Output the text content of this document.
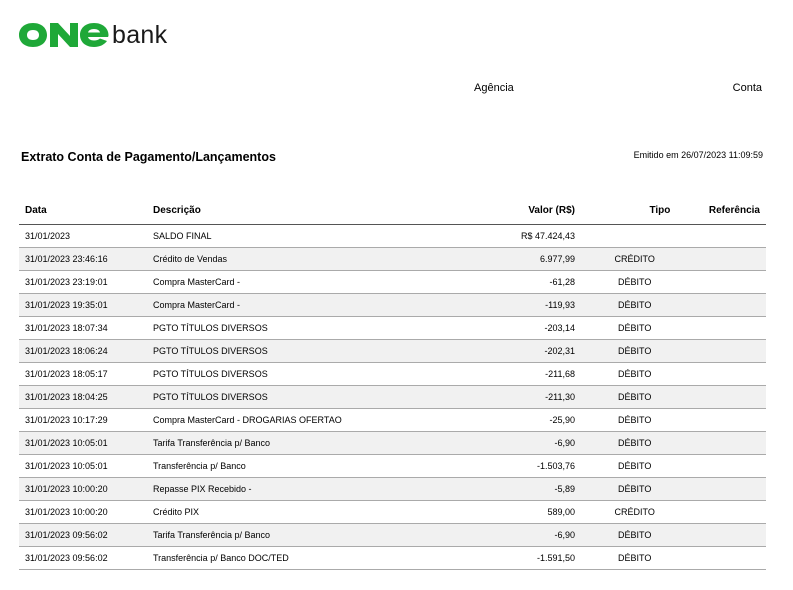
bank
Agência	Conta
Extrato Conta de Pagamento/Lançamentos	Emitido em 26/07/2023 11:09:59
Data	Descrição	Valor (R$)	Tipo	Referência
31/01/2023	SALDO FINAL	R$ 47.424,43		
31/01/2023 23:46:16	Crédito de Vendas	6.977,99	CRÉDITO	
31/01/2023 23:19:01	Compra MasterCard -	-61,28	DÉBITO	
31/01/2023 19:35:01	Compra MasterCard -	-119,93	DÉBITO	
31/01/2023 18:07:34	PGTO TÍTULOS DIVERSOS	-203,14	DÉBITO	
31/01/2023 18:06:24	PGTO TÍTULOS DIVERSOS	-202,31	DÉBITO	
31/01/2023 18:05:17	PGTO TÍTULOS DIVERSOS	-211,68	DÉBITO	
31/01/2023 18:04:25	PGTO TÍTULOS DIVERSOS	-211,30	DÉBITO	
31/01/2023 10:17:29	Compra MasterCard - DROGARIAS OFERTAO	-25,90	DÉBITO	
31/01/2023 10:05:01	Tarifa Transferência p/ Banco	-6,90	DÉBITO	
31/01/2023 10:05:01	Transferência p/ Banco	-1.503,76	DÉBITO	
31/01/2023 10:00:20	Repasse PIX Recebido -	-5,89	DÉBITO	
31/01/2023 10:00:20	Crédito PIX	589,00	CRÉDITO	
31/01/2023 09:56:02	Tarifa Transferência p/ Banco	-6,90	DÉBITO	
31/01/2023 09:56:02	Transferência p/ Banco DOC/TED	-1.591,50	DÉBITO	
